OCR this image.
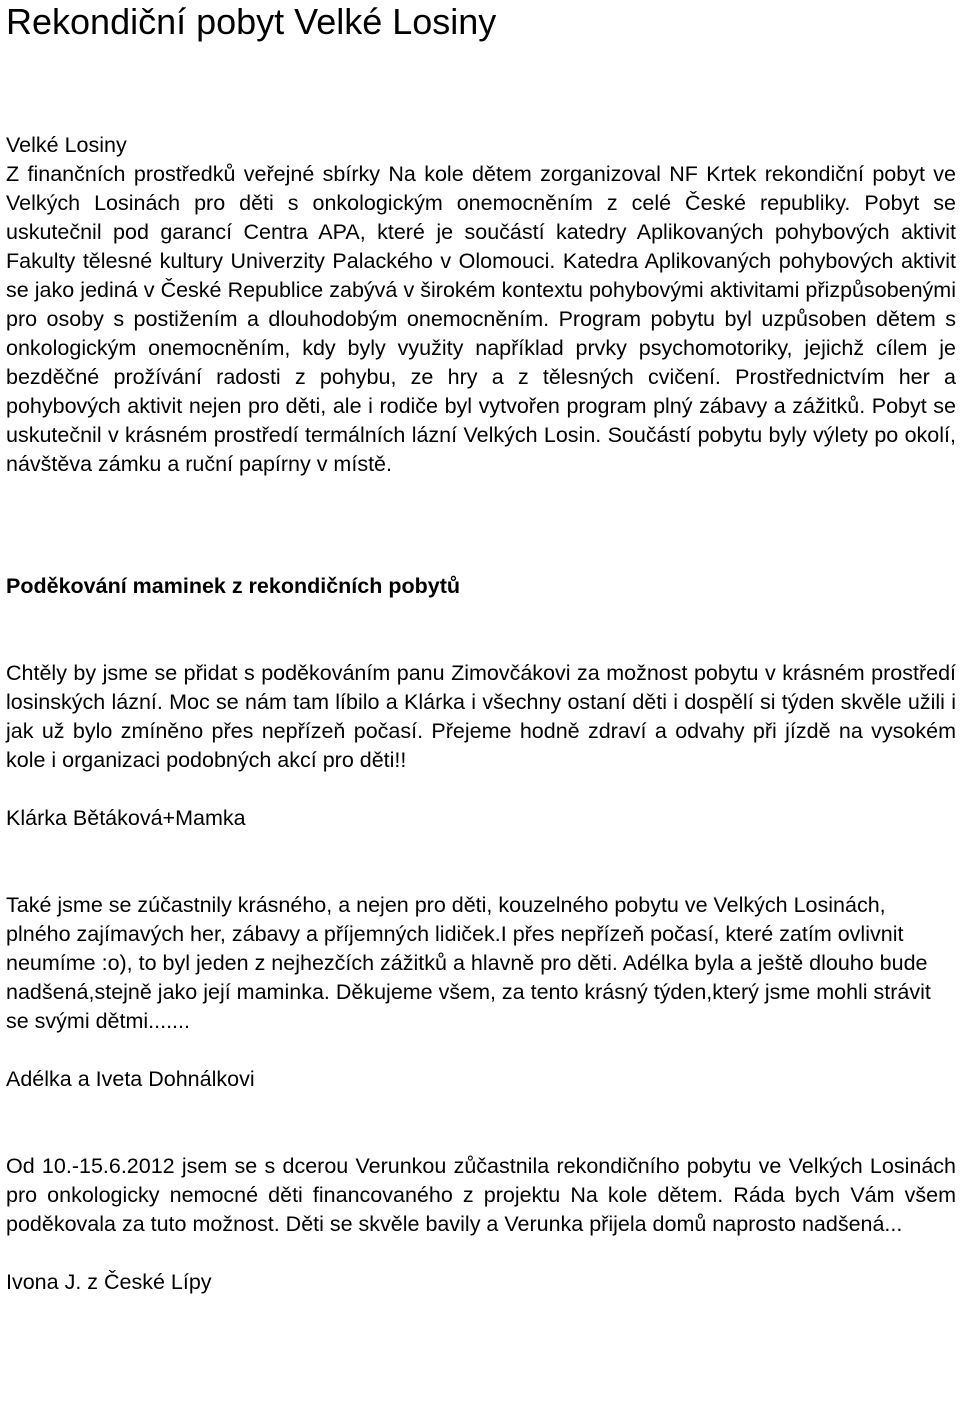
Rekondiční pobyt Velké Losiny

Velké Losiny

Z finančních prostředků veřejné sbírky Na kole dětem zorganizoval NF Krtek rekondiční pobyt ve Velkých Losinách pro děti s onkologickým onemocněním z celé České republiky. Pobyt se uskutečnil pod garancí Centra APA, které je součástí katedry Aplikovaných pohybových aktivit Fakulty tělesné kultury Univerzity Palackého v Olomouci. Katedra Aplikovaných pohybových aktivit se jako jediná v České Republice zabývá v širokém kontextu pohybovými aktivitami přizpůsobenými pro osoby s postižením a dlouhodobým onemocněním. Program pobytu byl uzpůsoben dětem s onkologickým onemocněním, kdy byly využity například prvky psychomotoriky, jejichž cílem je bezděčné prožívání radosti z pohybu, ze hry a z tělesných cvičení. Prostřednictvím her a pohybových aktivit nejen pro děti, ale i rodiče byl vytvořen program plný zábavy a zážitků. Pobyt se uskutečnil v krásném prostředí termálních lázní Velkých Losin. Součástí pobytu byly výlety po okolí, návštěva zámku a ruční papírny v místě.

Poděkování maminek z rekondičních pobytů

Chtěly by jsme se přidat s poděkováním panu Zimovčákovi za možnost pobytu v krásném prostředí losinských lázní. Moc se nám tam líbilo a Klárka i všechny ostaní děti i dospělí si týden skvěle užili i jak už bylo zmíněno přes nepřízeň počasí. Přejeme hodně zdraví a odvahy při jízdě na vysokém kole i organizaci podobných akcí pro děti!!

Klárka Bětáková+Mamka

Také jsme se zúčastnily krásného, a nejen pro děti, kouzelného pobytu ve Velkých Losinách, plného zajímavých her, zábavy a příjemných lidiček.I přes nepřízeň počasí, které zatím ovlivnit neumíme :o), to byl jeden z nejhezčích zážitků a hlavně pro děti. Adélka byla a ještě dlouho bude nadšená,stejně jako její maminka. Děkujeme všem, za tento krásný týden,který jsme mohli strávit se svými dětmi.......

Adélka a Iveta Dohnálkovi

Od 10.-15.6.2012 jsem se s dcerou Verunkou zůčastnila rekondičního pobytu ve Velkých Losinách pro onkologicky nemocné děti financovaného z projektu Na kole dětem. Ráda bych Vám všem poděkovala za tuto možnost. Děti se skvěle bavily a Verunka přijela domů naprosto nadšená...

Ivona J. z České Lípy
